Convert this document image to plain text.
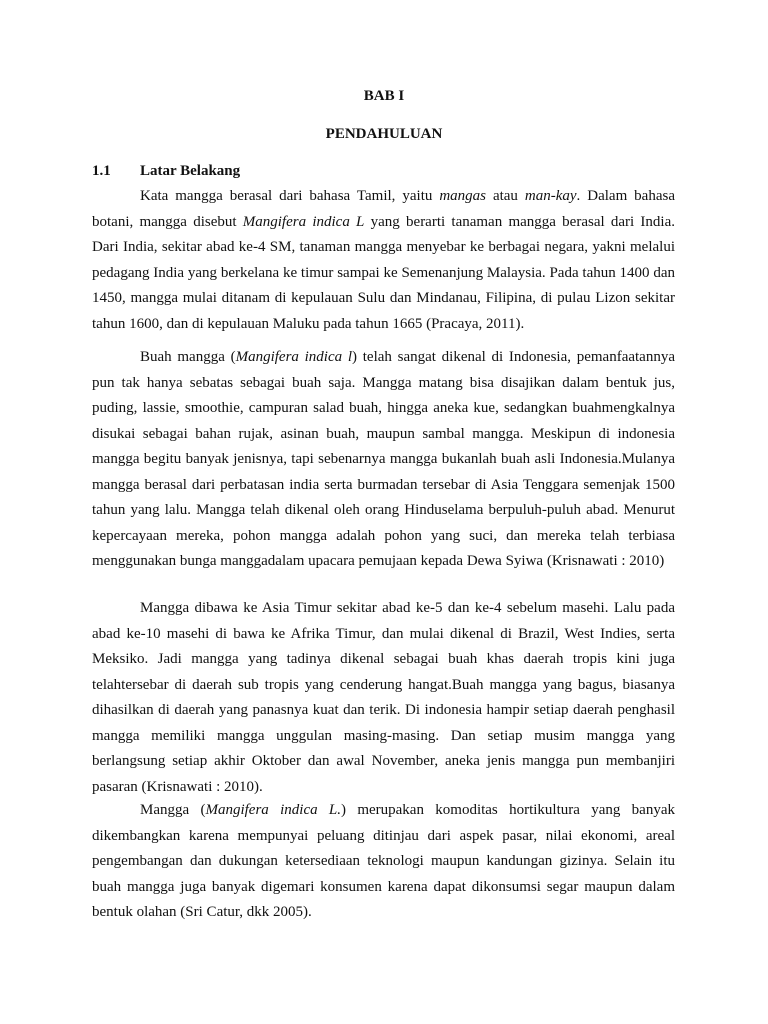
BAB I
PENDAHULUAN
1.1 Latar Belakang

Kata mangga berasal dari bahasa Tamil, yaitu mangas atau man-kay. Dalam bahasa botani, mangga disebut Mangifera indica L yang berarti tanaman mangga berasal dari India. Dari India, sekitar abad ke-4 SM, tanaman mangga menyebar ke berbagai negara, yakni melalui pedagang India yang berkelana ke timur sampai ke Semenanjung Malaysia. Pada tahun 1400 dan 1450, mangga mulai ditanam di kepulauan Sulu dan Mindanau, Filipina, di pulau Lizon sekitar tahun 1600, dan di kepulauan Maluku pada tahun 1665 (Pracaya, 2011).

Buah mangga (Mangifera indica l) telah sangat dikenal di Indonesia, pemanfaatannya pun tak hanya sebatas sebagai buah saja. Mangga matang bisa disajikan dalam bentuk jus, puding, lassie, smoothie, campuran salad buah, hingga aneka kue, sedangkan buahmengkalnya disukai sebagai bahan rujak, asinan buah, maupun sambal mangga. Meskipun di indonesia mangga begitu banyak jenisnya, tapi sebenarnya mangga bukanlah buah asli Indonesia.Mulanya mangga berasal dari perbatasan india serta burmadan tersebar di Asia Tenggara semenjak 1500 tahun yang lalu. Mangga telah dikenal oleh orang Hinduselama berpuluh-puluh abad. Menurut kepercayaan mereka, pohon mangga adalah pohon yang suci, dan mereka telah terbiasa menggunakan bunga manggadalam upacara pemujaan kepada Dewa Syiwa (Krisnawati : 2010)

Mangga dibawa ke Asia Timur sekitar abad ke-5 dan ke-4 sebelum masehi. Lalu pada abad ke-10 masehi di bawa ke Afrika Timur, dan mulai dikenal di Brazil, West Indies, serta Meksiko. Jadi mangga yang tadinya dikenal sebagai buah khas daerah tropis kini juga telahtersebar di daerah sub tropis yang cenderung hangat.Buah mangga yang bagus, biasanya dihasilkan di daerah yang panasnya kuat dan terik. Di indonesia hampir setiap daerah penghasil mangga memiliki mangga unggulan masing-masing. Dan setiap musim mangga yang berlangsung setiap akhir Oktober dan awal November, aneka jenis mangga pun membanjiri pasaran (Krisnawati : 2010).

Mangga (Mangifera indica L.) merupakan komoditas hortikultura yang banyak dikembangkan karena mempunyai peluang ditinjau dari aspek pasar, nilai ekonomi, areal pengembangan dan dukungan ketersediaan teknologi maupun kandungan gizinya. Selain itu buah mangga juga banyak digemari konsumen karena dapat dikonsumsi segar maupun dalam bentuk olahan (Sri Catur, dkk 2005).
